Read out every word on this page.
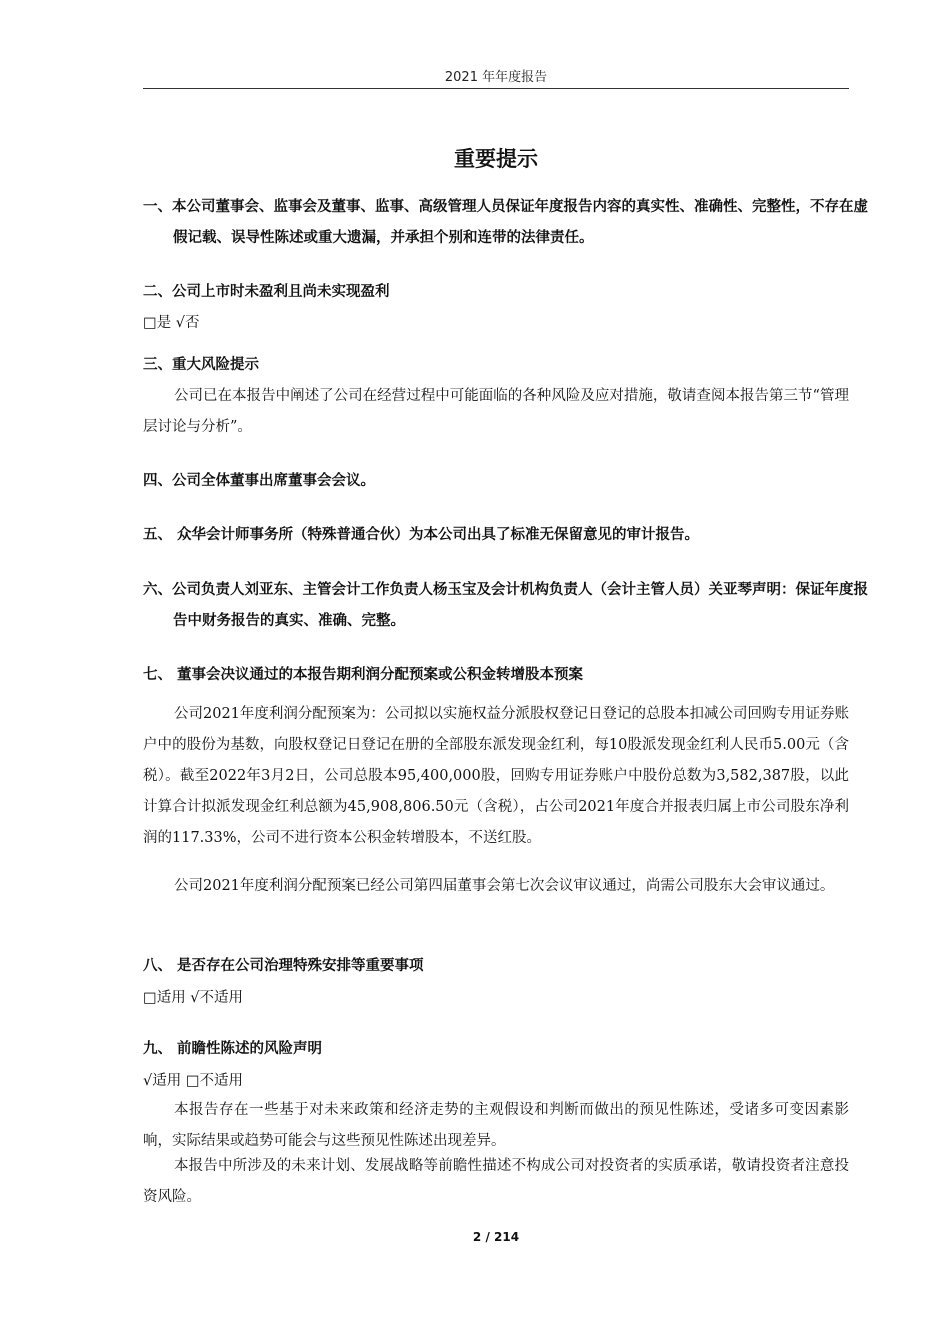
2021 年年度报告
重要提示
一、本公司董事会、监事会及董事、监事、高级管理人员保证年度报告内容的真实性、准确性、完整性，不存在虚假记载、误导性陈述或重大遗漏，并承担个别和连带的法律责任。
二、公司上市时未盈利且尚未实现盈利
□是 √否
三、重大风险提示
公司已在本报告中阐述了公司在经营过程中可能面临的各种风险及应对措施，敬请查阅本报告第三节“管理层讨论与分析”。
四、公司全体董事出席董事会会议。
五、 众华会计师事务所（特殊普通合伙）为本公司出具了标准无保留意见的审计报告。
六、公司负责人刘亚东、主管会计工作负责人杨玉宝及会计机构负责人（会计主管人员）关亚琴声明：保证年度报告中财务报告的真实、准确、完整。
七、 董事会决议通过的本报告期利润分配预案或公积金转增股本预案
公司2021年度利润分配预案为：公司拟以实施权益分派股权登记日登记的总股本扣减公司回购专用证券账户中的股份为基数，向股权登记日登记在册的全部股东派发现金红利，每10股派发现金红利人民币5.00元（含税）。截至2022年3月2日，公司总股本95,400,000股，回购专用证券账户中股份总数为3,582,387股，以此计算合计拟派发现金红利总额为45,908,806.50元（含税），占公司2021年度合并报表归属上市公司股东净利润的117.33%，公司不进行资本公积金转增股本，不送红股。
公司2021年度利润分配预案已经公司第四届董事会第七次会议审议通过，尚需公司股东大会审议通过。
八、 是否存在公司治理特殊安排等重要事项
□适用 √不适用
九、 前瞻性陈述的风险声明
√适用 □不适用
本报告存在一些基于对未来政策和经济走势的主观假设和判断而做出的预见性陈述，受诸多可变因素影响，实际结果或趋势可能会与这些预见性陈述出现差异。
本报告中所涉及的未来计划、发展战略等前瞻性描述不构成公司对投资者的实质承诺，敬请投资者注意投资风险。
2 / 214
